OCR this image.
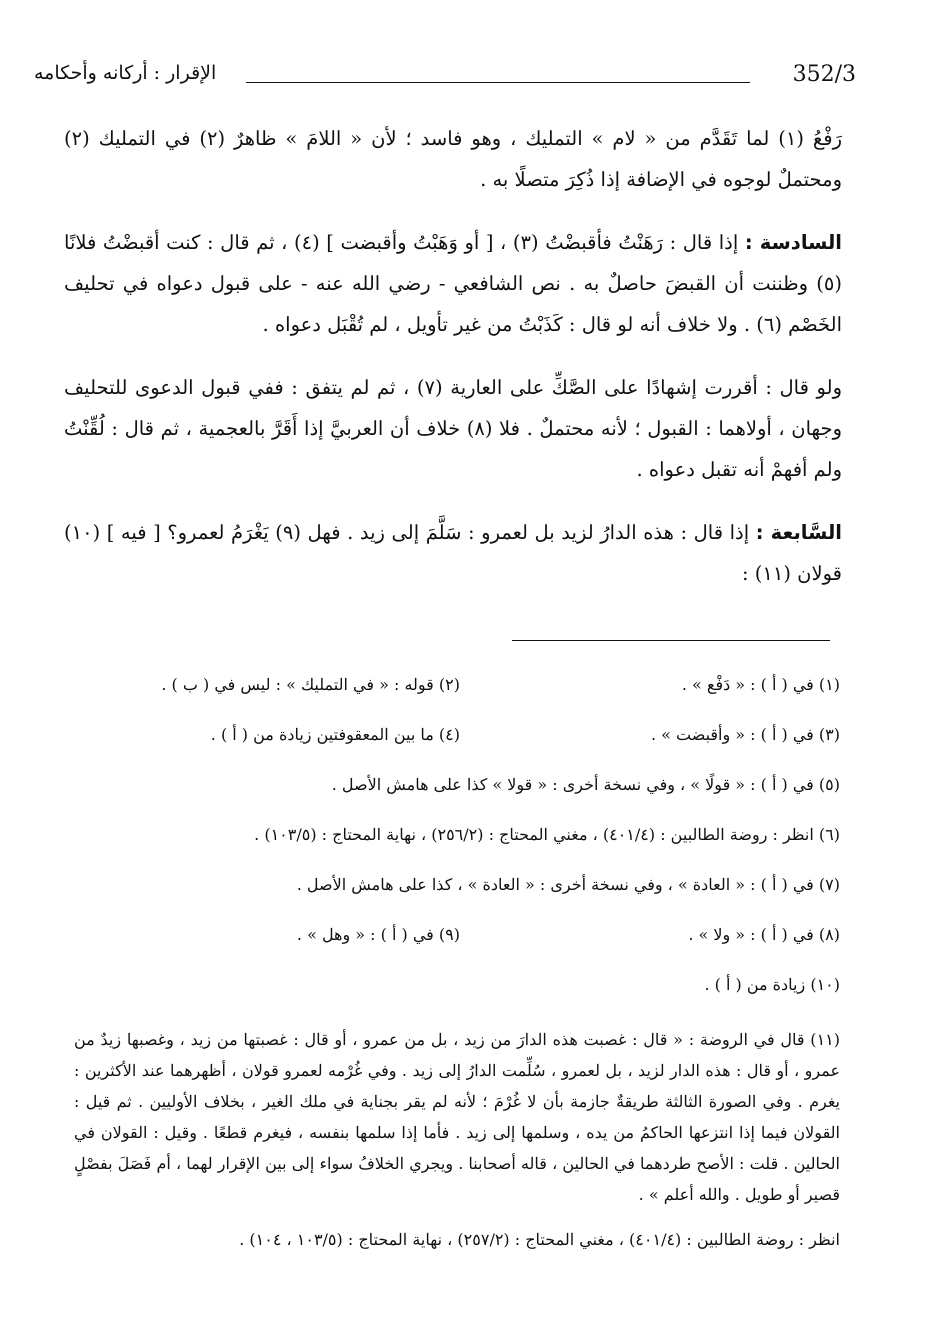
352/3
الإقرار : أركانه وأحكامه

رَفْعُ (١) لما تَقَدَّم من « لام » التمليك ، وهو فاسد ؛ لأن « اللامَ » ظاهرٌ (٢) في التمليك (٢) ومحتملٌ لوجوه في الإضافة إذا ذُكِرَ متصلًا به .

السادسة : إذا قال : رَهَنْتُ فأقبضْتُ (٣) ، [ أو وَهَبْتُ وأقبضت ] (٤) ، ثم قال : كنت أقبضْتُ فلانًا (٥) وظننت أن القبضَ حاصلٌ به . نص الشافعي - رضي الله عنه - على قبول دعواه في تحليف الخَصْم (٦) . ولا خلاف أنه لو قال : كَذَبْتُ من غير تأويل ، لم تُقْبَل دعواه .

ولو قال : أقررت إشهادًا على الصَّكِّ على العارية (٧) ، ثم لم يتفق : ففي قبول الدعوى للتحليف وجهان ، أولاهما : القبول ؛ لأنه محتملٌ . فلا (٨) خلاف أن العربيَّ إذا أَقَرَّ بالعجمية ، ثم قال : لُقِّنْتُ ولم أفهمْ أنه تقبل دعواه .

السَّابعة : إذا قال : هذه الدارُ لزيد بل لعمرو : سَلَّمَ إلى زيد . فهل (٩) يَغْرَمُ لعمرو؟ [ فيه ] (١٠) قولان (١١) :

(١) في ( أ ) : « دَفْع » .
(٢) قوله : « في التمليك » : ليس في ( ب ) .
(٣) في ( أ ) : « وأقبضت » .
(٤) ما بين المعقوفتين زيادة من ( أ ) .
(٥) في ( أ ) : « قولًا » ، وفي نسخة أخرى : « قولا » كذا على هامش الأصل .
(٦) انظر : روضة الطالبين : (٤٠١/٤) ، مغني المحتاج : (٢٥٦/٢) ، نهاية المحتاج : (١٠٣/٥) .
(٧) في ( أ ) : « العادة » ، وفي نسخة أخرى : « العادة » ، كذا على هامش الأصل .
(٨) في ( أ ) : « ولا » .
(٩) في ( أ ) : « وهل » .
(١٠) زيادة من ( أ ) .
(١١) قال في الروضة : « قال : غصبت هذه الدارَ من زيد ، بل من عمرو ، أو قال : غصبتها من زيد ، وغصبها زيدٌ من عمرو ، أو قال : هذه الدار لزيد ، بل لعمرو ، سُلِّمت الدارُ إلى زيد . وفي غُرْمه لعمرو قولان ، أظهرهما عند الأكثرين : يغرم . وفي الصورة الثالثة طريقةٌ جازمة بأن لا غُرْمَ ؛ لأنه لم يقر بجناية في ملك الغير ، بخلاف الأوليين . ثم قيل : القولان فيما إذا انتزعها الحاكمُ من يده ، وسلمها إلى زيد . فأما إذا سلمها بنفسه ، فيغرم قطعًا . وقيل : القولان في الحالين . قلت : الأصح طردهما في الحالين ، قاله أصحابنا . ويجري الخلافُ سواء إلى بين الإقرار لهما ، أم فَصَلَ بفصْلٍ قصير أو طويل . والله أعلم » .
انظر : روضة الطالبين : (٤٠١/٤) ، مغني المحتاج : (٢٥٧/٢) ، نهاية المحتاج : (١٠٣/٥ ، ١٠٤) .
